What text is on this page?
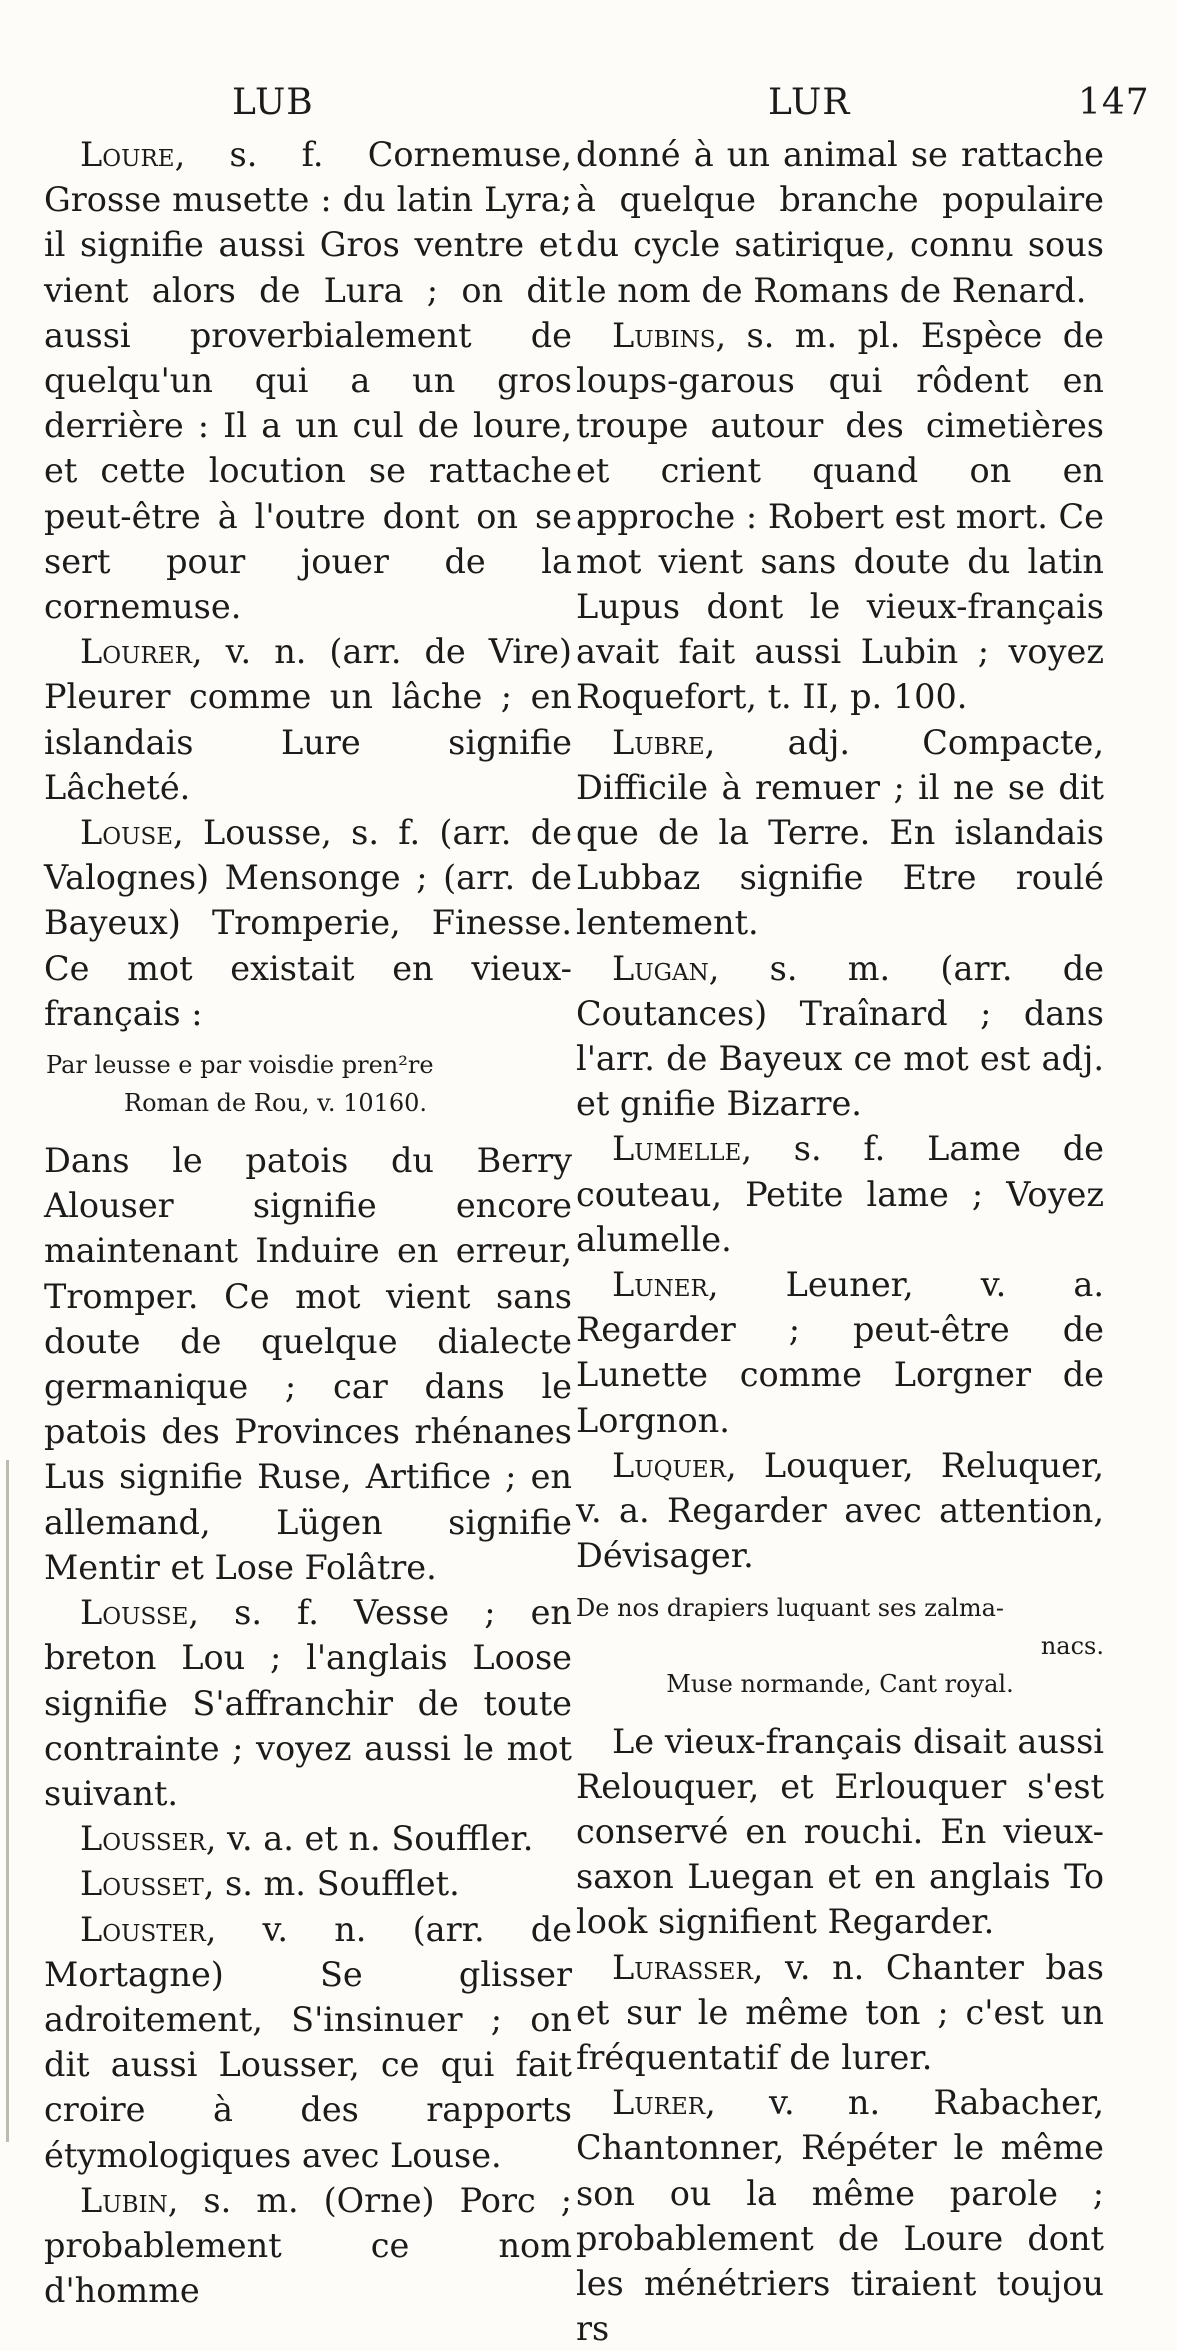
LUB	LUR	147

Loure, s. f. Cornemuse, Grosse musette : du latin Lyra; il signifie aussi Gros ventre et vient alors de Lura ; on dit aussi proverbialement de quelqu'un qui a un gros derrière : Il a un cul de loure, et cette locution se rattache peut-être à l'outre dont on se sert pour jouer de la cornemuse.

Lourer, v. n. (arr. de Vire) Pleurer comme un lâche ; en islandais Lure signifie Lâcheté.

Louse, Lousse, s. f. (arr. de Valognes) Mensonge ; (arr. de Bayeux) Tromperie, Finesse. Ce mot existait en vieux-français :

Par leusse e par voisdie pren²re
Roman de Rou, v. 10160.

Dans le patois du Berry Alouser signifie encore maintenant Induire en erreur, Tromper. Ce mot vient sans doute de quelque dialecte germanique ; car dans le patois des Provinces rhénanes Lus signifie Ruse, Artifice ; en allemand, Lügen signifie Mentir et Lose Folâtre.

Lousse, s. f. Vesse ; en breton Lou ; l'anglais Loose signifie S'affranchir de toute contrainte ; voyez aussi le mot suivant.

Lousser, v. a. et n. Souffler.

Lousset, s. m. Soufflet.

Louster, v. n. (arr. de Mortagne) Se glisser adroitement, S'insinuer ; on dit aussi Lousser, ce qui fait croire à des rapports étymologiques avec Louse.

Lubin, s. m. (Orne) Porc ; probablement ce nom d'homme

donné à un animal se rattache à quelque branche populaire du cycle satirique, connu sous le nom de Romans de Renard.

Lubins, s. m. pl. Espèce de loups-garous qui rôdent en troupe autour des cimetières et crient quand on en approche : Robert est mort. Ce mot vient sans doute du latin Lupus dont le vieux-français avait fait aussi Lubin ; voyez Roquefort, t. II, p. 100.

Lubre, adj. Compacte, Difficile à remuer ; il ne se dit que de la Terre. En islandais Lubbaz signifie Etre roulé lentement.

Lugan, s. m. (arr. de Coutances) Traînard ; dans l'arr. de Bayeux ce mot est adj. et gnifie Bizarre.

Lumelle, s. f. Lame de couteau, Petite lame ; Voyez alumelle.

Luner, Leuner, v. a. Regarder ; peut-être de Lunette comme Lorgner de Lorgnon.

Luquer, Louquer, Reluquer, v. a. Regarder avec attention, Dévisager.

De nos drapiers luquant ses zalma-
nacs.
Muse normande, Cant royal.

Le vieux-français disait aussi Relouquer, et Erlouquer s'est conservé en rouchi. En vieux-saxon Luegan et en anglais To look signifient Regarder.

Lurasser, v. n. Chanter bas et sur le même ton ; c'est un fréquentatif de lurer.

Lurer, v. n. Rabacher, Chantonner, Répéter le même son ou la même parole ; probablement de Loure dont les ménétriers tiraient toujou rs
